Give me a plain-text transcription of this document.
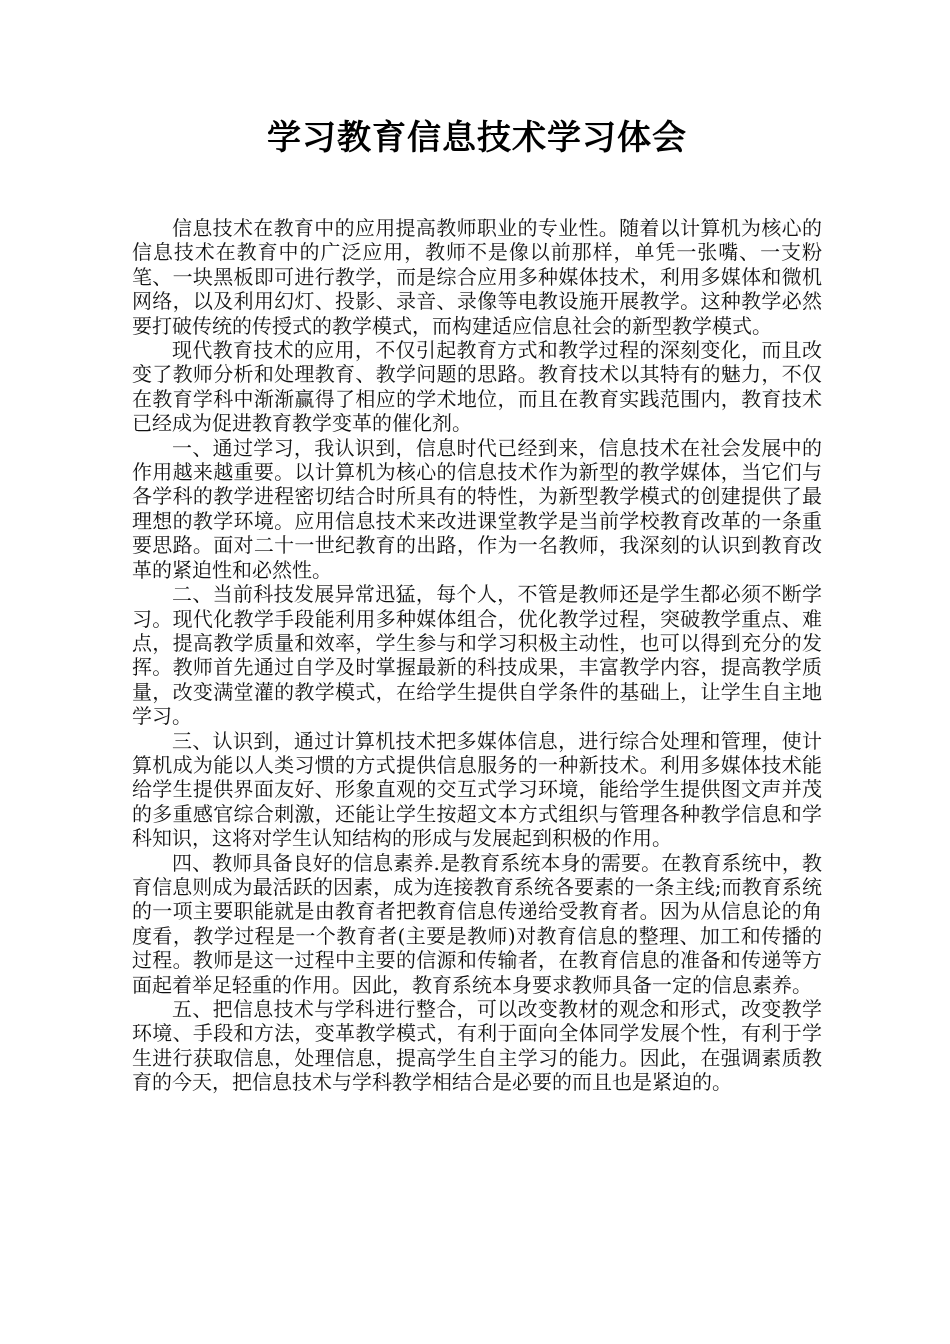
学习教育信息技术学习体会

信息技术在教育中的应用提高教师职业的专业性。随着以计算机为核心的信息技术在教育中的广泛应用，教师不是像以前那样，单凭一张嘴、一支粉笔、一块黑板即可进行教学，而是综合应用多种媒体技术，利用多媒体和微机网络，以及利用幻灯、投影、录音、录像等电教设施开展教学。这种教学必然要打破传统的传授式的教学模式，而构建适应信息社会的新型教学模式。

现代教育技术的应用，不仅引起教育方式和教学过程的深刻变化，而且改变了教师分析和处理教育、教学问题的思路。教育技术以其特有的魅力，不仅在教育学科中渐渐赢得了相应的学术地位，而且在教育实践范围内，教育技术已经成为促进教育教学变革的催化剂。

一、通过学习，我认识到，信息时代已经到来，信息技术在社会发展中的作用越来越重要。以计算机为核心的信息技术作为新型的教学媒体，当它们与各学科的教学进程密切结合时所具有的特性，为新型教学模式的创建提供了最理想的教学环境。应用信息技术来改进课堂教学是当前学校教育改革的一条重要思路。面对二十一世纪教育的出路，作为一名教师，我深刻的认识到教育改革的紧迫性和必然性。

二、当前科技发展异常迅猛，每个人，不管是教师还是学生都必须不断学习。现代化教学手段能利用多种媒体组合，优化教学过程，突破教学重点、难点，提高教学质量和效率，学生参与和学习积极主动性，也可以得到充分的发挥。教师首先通过自学及时掌握最新的科技成果，丰富教学内容，提高教学质量，改变满堂灌的教学模式，在给学生提供自学条件的基础上，让学生自主地学习。

三、认识到，通过计算机技术把多媒体信息，进行综合处理和管理，使计算机成为能以人类习惯的方式提供信息服务的一种新技术。利用多媒体技术能给学生提供界面友好、形象直观的交互式学习环境，能给学生提供图文声并茂的多重感官综合刺激，还能让学生按超文本方式组织与管理各种教学信息和学科知识，这将对学生认知结构的形成与发展起到积极的作用。

四、教师具备良好的信息素养.是教育系统本身的需要。在教育系统中，教育信息则成为最活跃的因素，成为连接教育系统各要素的一条主线;而教育系统的一项主要职能就是由教育者把教育信息传递给受教育者。因为从信息论的角度看，教学过程是一个教育者(主要是教师)对教育信息的整理、加工和传播的过程。教师是这一过程中主要的信源和传输者，在教育信息的准备和传递等方面起着举足轻重的作用。因此，教育系统本身要求教师具备一定的信息素养。

五、把信息技术与学科进行整合，可以改变教材的观念和形式，改变教学环境、手段和方法，变革教学模式，有利于面向全体同学发展个性，有利于学生进行获取信息，处理信息，提高学生自主学习的能力。因此，在强调素质教育的今天，把信息技术与学科教学相结合是必要的而且也是紧迫的。
